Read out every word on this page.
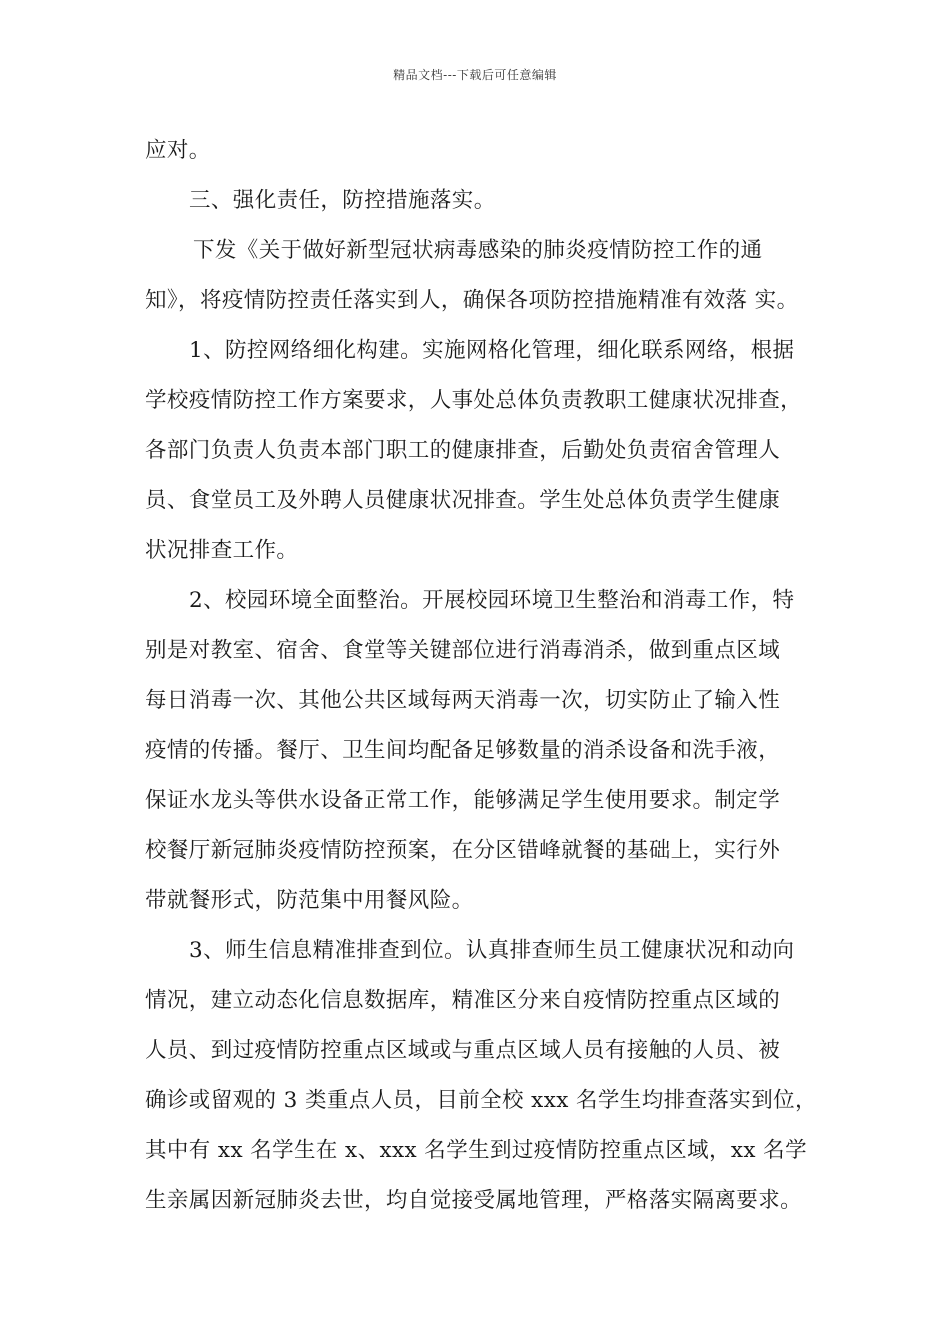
精品文档---下载后可任意编辑
应对。
三、强化责任，防控措施落实。
下发《关于做好新型冠状病毒感染的肺炎疫情防控工作的通
知》，将疫情防控责任落实到人，确保各项防控措施精准有效落 实。
1、防控网络细化构建。实施网格化管理，细化联系网络，根据
学校疫情防控工作方案要求，人事处总体负责教职工健康状况排查，
各部门负责人负责本部门职工的健康排查，后勤处负责宿舍管理人
员、食堂员工及外聘人员健康状况排查。学生处总体负责学生健康
状况排查工作。
2、校园环境全面整治。开展校园环境卫生整治和消毒工作，特
别是对教室、宿舍、食堂等关键部位进行消毒消杀，做到重点区域
每日消毒一次、其他公共区域每两天消毒一次，切实防止了输入性
疫情的传播。餐厅、卫生间均配备足够数量的消杀设备和洗手液，
保证水龙头等供水设备正常工作，能够满足学生使用要求。制定学
校餐厅新冠肺炎疫情防控预案，在分区错峰就餐的基础上，实行外
带就餐形式，防范集中用餐风险。
3、师生信息精准排查到位。认真排查师生员工健康状况和动向
情况，建立动态化信息数据库，精准区分来自疫情防控重点区域的
人员、到过疫情防控重点区域或与重点区域人员有接触的人员、被
确诊或留观的 3 类重点人员，目前全校 xxx 名学生均排查落实到位，
其中有 xx 名学生在 x、xxx 名学生到过疫情防控重点区域，xx 名学
生亲属因新冠肺炎去世，均自觉接受属地管理，严格落实隔离要求。
